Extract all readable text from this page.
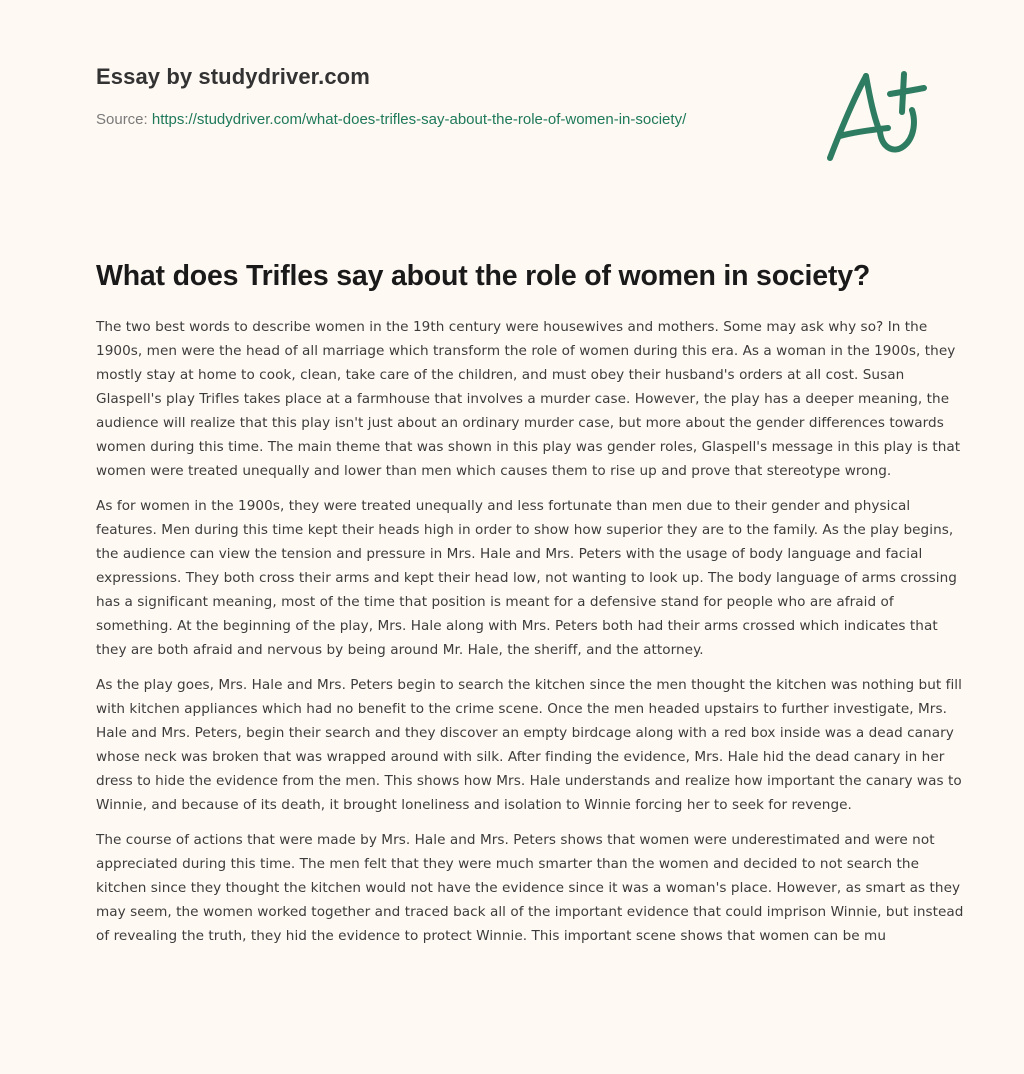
Essay by studydriver.com
Source: https://studydriver.com/what-does-trifles-say-about-the-role-of-women-in-society/
What does Trifles say about the role of women in society?

The two best words to describe women in the 19th century were housewives and mothers. Some may ask why so? In the 1900s, men were the head of all marriage which transform the role of women during this era. As a woman in the 1900s, they mostly stay at home to cook, clean, take care of the children, and must obey their husband's orders at all cost. Susan Glaspell's play Trifles takes place at a farmhouse that involves a murder case. However, the play has a deeper meaning, the audience will realize that this play isn't just about an ordinary murder case, but more about the gender differences towards women during this time. The main theme that was shown in this play was gender roles, Glaspell's message in this play is that women were treated unequally and lower than men which causes them to rise up and prove that stereotype wrong.

As for women in the 1900s, they were treated unequally and less fortunate than men due to their gender and physical features. Men during this time kept their heads high in order to show how superior they are to the family. As the play begins, the audience can view the tension and pressure in Mrs. Hale and Mrs. Peters with the usage of body language and facial expressions. They both cross their arms and kept their head low, not wanting to look up. The body language of arms crossing has a significant meaning, most of the time that position is meant for a defensive stand for people who are afraid of something. At the beginning of the play, Mrs. Hale along with Mrs. Peters both had their arms crossed which indicates that they are both afraid and nervous by being around Mr. Hale, the sheriff, and the attorney.

As the play goes, Mrs. Hale and Mrs. Peters begin to search the kitchen since the men thought the kitchen was nothing but fill with kitchen appliances which had no benefit to the crime scene. Once the men headed upstairs to further investigate, Mrs. Hale and Mrs. Peters, begin their search and they discover an empty birdcage along with a red box inside was a dead canary whose neck was broken that was wrapped around with silk. After finding the evidence, Mrs. Hale hid the dead canary in her dress to hide the evidence from the men. This shows how Mrs. Hale understands and realize how important the canary was to Winnie, and because of its death, it brought loneliness and isolation to Winnie forcing her to seek for revenge.

The course of actions that were made by Mrs. Hale and Mrs. Peters shows that women were underestimated and were not appreciated during this time. The men felt that they were much smarter than the women and decided to not search the kitchen since they thought the kitchen would not have the evidence since it was a woman's place. However, as smart as they may seem, the women worked together and traced back all of the important evidence that could imprison Winnie, but instead of revealing the truth, they hid the evidence to protect Winnie. This important scene shows that women can be mu
